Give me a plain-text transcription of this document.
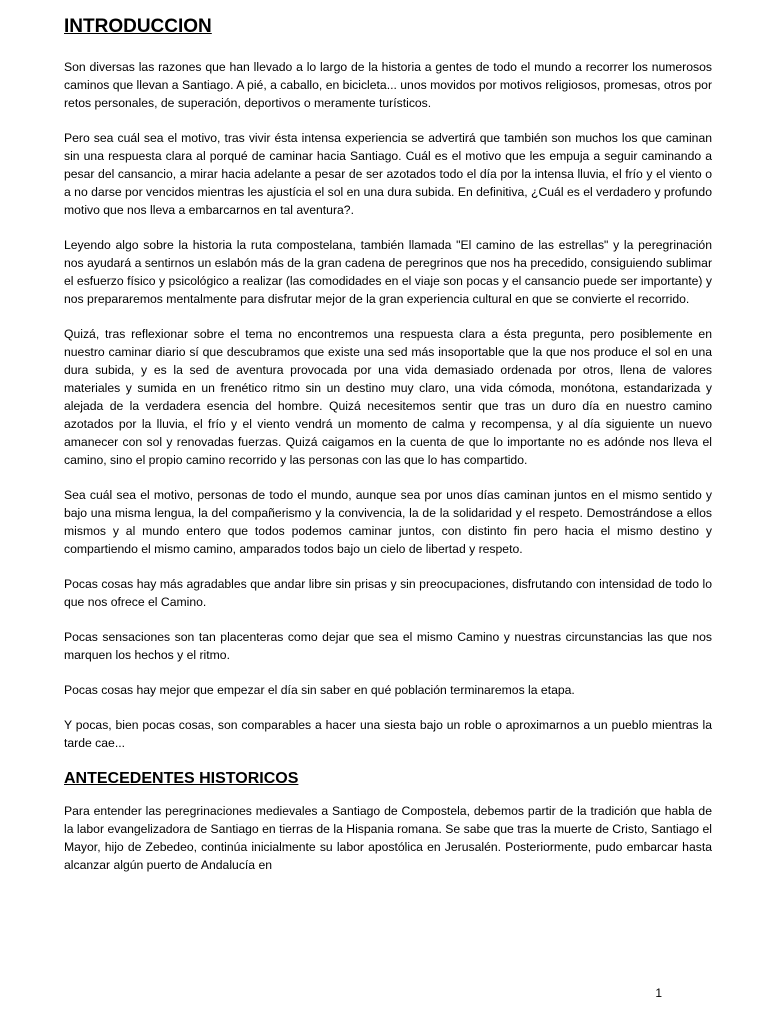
INTRODUCCION

Son diversas las razones que han llevado a lo largo de la historia a gentes de todo el mundo a recorrer los numerosos caminos que llevan a Santiago. A pié, a caballo, en bicicleta... unos movidos por motivos religiosos, promesas, otros por retos personales, de superación, deportivos o meramente turísticos.

Pero sea cuál sea el motivo, tras vivir ésta intensa experiencia se advertirá que también son muchos los que caminan sin una respuesta clara al porqué de caminar hacia Santiago. Cuál es el motivo que les empuja a seguir caminando a pesar del cansancio, a mirar hacia adelante a pesar de ser azotados todo el día por la intensa lluvia, el frío y el viento o a no darse por vencidos mientras les ajustícia el sol en una dura subida. En definitiva, ¿Cuál es el verdadero y profundo motivo que nos lleva a embarcarnos en tal aventura?.

Leyendo algo sobre la historia la ruta compostelana, también llamada "El camino de las estrellas" y la peregrinación nos ayudará a sentirnos un eslabón más de la gran cadena de peregrinos que nos ha precedido, consiguiendo sublimar el esfuerzo físico y psicológico a realizar (las comodidades en el viaje son pocas y el cansancio puede ser importante) y nos prepararemos mentalmente para disfrutar mejor de la gran experiencia cultural en que se convierte el recorrido.

Quizá, tras reflexionar sobre el tema no encontremos una respuesta clara a ésta pregunta, pero posiblemente en nuestro caminar diario sí que descubramos que existe una sed más insoportable que la que nos produce el sol en una dura subida, y es la sed de aventura provocada por una vida demasiado ordenada por otros, llena de valores materiales y sumida en un frenético ritmo sin un destino muy claro, una vida cómoda, monótona, estandarizada y alejada de la verdadera esencia del hombre. Quizá necesitemos sentir que tras un duro día en nuestro camino azotados por la lluvia, el frío y el viento vendrá un momento de calma y recompensa, y al día siguiente un nuevo amanecer con sol y renovadas fuerzas. Quizá caigamos en la cuenta de que lo importante no es adónde nos lleva el camino, sino el propio camino recorrido y las personas con las que lo has compartido.

Sea cuál sea el motivo, personas de todo el mundo, aunque sea por unos días caminan juntos en el mismo sentido y bajo una misma lengua, la del compañerismo y la convivencia, la de la solidaridad y el respeto. Demostrándose a ellos mismos y al mundo entero que todos podemos caminar juntos, con distinto fin pero hacia el mismo destino y compartiendo el mismo camino, amparados todos bajo un cielo de libertad y respeto.

Pocas cosas hay más agradables que andar libre sin prisas y sin preocupaciones, disfrutando con intensidad de todo lo que nos ofrece el Camino.

Pocas sensaciones son tan placenteras como dejar que sea el mismo Camino y nuestras circunstancias las que nos marquen los hechos y el ritmo.

Pocas cosas hay mejor que empezar el día sin saber en qué población terminaremos la etapa.

Y pocas, bien pocas cosas, son comparables a hacer una siesta bajo un roble o aproximarnos a un pueblo mientras la tarde cae...

ANTECEDENTES HISTORICOS

Para entender las peregrinaciones medievales a Santiago de Compostela, debemos partir de la tradición que habla de la labor evangelizadora de Santiago en tierras de la Hispania romana. Se sabe que tras la muerte de Cristo, Santiago el Mayor, hijo de Zebedeo, continúa inicialmente su labor apostólica en Jerusalén. Posteriormente, pudo embarcar hasta alcanzar algún puerto de Andalucía en

1
